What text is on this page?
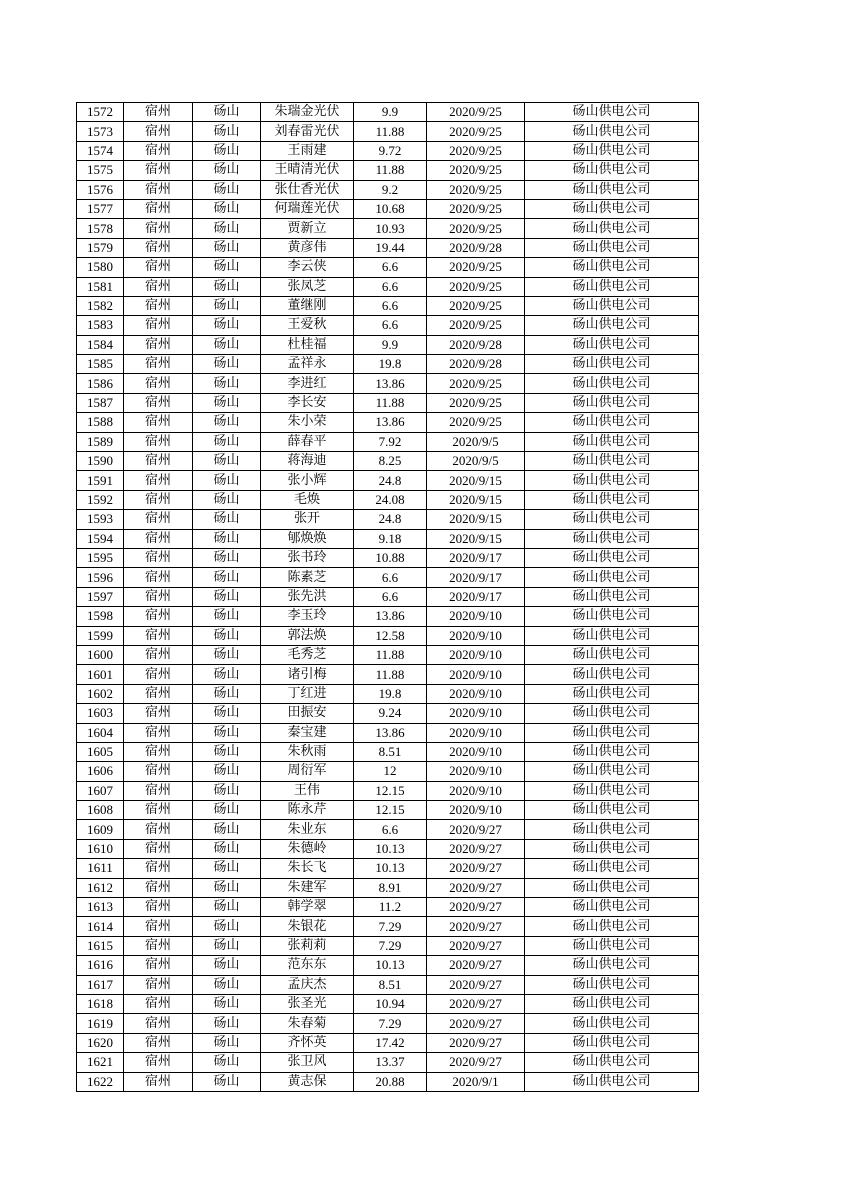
1572	宿州	砀山	朱瑞金光伏	9.9	2020/9/25	砀山供电公司
1573	宿州	砀山	刘春雷光伏	11.88	2020/9/25	砀山供电公司
1574	宿州	砀山	王雨建	9.72	2020/9/25	砀山供电公司
1575	宿州	砀山	王晴清光伏	11.88	2020/9/25	砀山供电公司
1576	宿州	砀山	张仕香光伏	9.2	2020/9/25	砀山供电公司
1577	宿州	砀山	何瑞莲光伏	10.68	2020/9/25	砀山供电公司
1578	宿州	砀山	贾新立	10.93	2020/9/25	砀山供电公司
1579	宿州	砀山	黄彦伟	19.44	2020/9/28	砀山供电公司
1580	宿州	砀山	李云侠	6.6	2020/9/25	砀山供电公司
1581	宿州	砀山	张凤芝	6.6	2020/9/25	砀山供电公司
1582	宿州	砀山	董继刚	6.6	2020/9/25	砀山供电公司
1583	宿州	砀山	王爱秋	6.6	2020/9/25	砀山供电公司
1584	宿州	砀山	杜桂福	9.9	2020/9/28	砀山供电公司
1585	宿州	砀山	孟祥永	19.8	2020/9/28	砀山供电公司
1586	宿州	砀山	李进红	13.86	2020/9/25	砀山供电公司
1587	宿州	砀山	李长安	11.88	2020/9/25	砀山供电公司
1588	宿州	砀山	朱小荣	13.86	2020/9/25	砀山供电公司
1589	宿州	砀山	薛春平	7.92	2020/9/5	砀山供电公司
1590	宿州	砀山	蒋海迪	8.25	2020/9/5	砀山供电公司
1591	宿州	砀山	张小辉	24.8	2020/9/15	砀山供电公司
1592	宿州	砀山	毛焕	24.08	2020/9/15	砀山供电公司
1593	宿州	砀山	张开	24.8	2020/9/15	砀山供电公司
1594	宿州	砀山	郇焕焕	9.18	2020/9/15	砀山供电公司
1595	宿州	砀山	张书玲	10.88	2020/9/17	砀山供电公司
1596	宿州	砀山	陈素芝	6.6	2020/9/17	砀山供电公司
1597	宿州	砀山	张先洪	6.6	2020/9/17	砀山供电公司
1598	宿州	砀山	李玉玲	13.86	2020/9/10	砀山供电公司
1599	宿州	砀山	郭法焕	12.58	2020/9/10	砀山供电公司
1600	宿州	砀山	毛秀芝	11.88	2020/9/10	砀山供电公司
1601	宿州	砀山	诸引梅	11.88	2020/9/10	砀山供电公司
1602	宿州	砀山	丁红进	19.8	2020/9/10	砀山供电公司
1603	宿州	砀山	田振安	9.24	2020/9/10	砀山供电公司
1604	宿州	砀山	秦宝建	13.86	2020/9/10	砀山供电公司
1605	宿州	砀山	朱秋雨	8.51	2020/9/10	砀山供电公司
1606	宿州	砀山	周衍军	12	2020/9/10	砀山供电公司
1607	宿州	砀山	王伟	12.15	2020/9/10	砀山供电公司
1608	宿州	砀山	陈永芹	12.15	2020/9/10	砀山供电公司
1609	宿州	砀山	朱业东	6.6	2020/9/27	砀山供电公司
1610	宿州	砀山	朱德岭	10.13	2020/9/27	砀山供电公司
1611	宿州	砀山	朱长飞	10.13	2020/9/27	砀山供电公司
1612	宿州	砀山	朱建军	8.91	2020/9/27	砀山供电公司
1613	宿州	砀山	韩学翠	11.2	2020/9/27	砀山供电公司
1614	宿州	砀山	朱银花	7.29	2020/9/27	砀山供电公司
1615	宿州	砀山	张莉莉	7.29	2020/9/27	砀山供电公司
1616	宿州	砀山	范东东	10.13	2020/9/27	砀山供电公司
1617	宿州	砀山	孟庆杰	8.51	2020/9/27	砀山供电公司
1618	宿州	砀山	张圣光	10.94	2020/9/27	砀山供电公司
1619	宿州	砀山	朱春菊	7.29	2020/9/27	砀山供电公司
1620	宿州	砀山	齐怀英	17.42	2020/9/27	砀山供电公司
1621	宿州	砀山	张卫风	13.37	2020/9/27	砀山供电公司
1622	宿州	砀山	黄志保	20.88	2020/9/1	砀山供电公司
